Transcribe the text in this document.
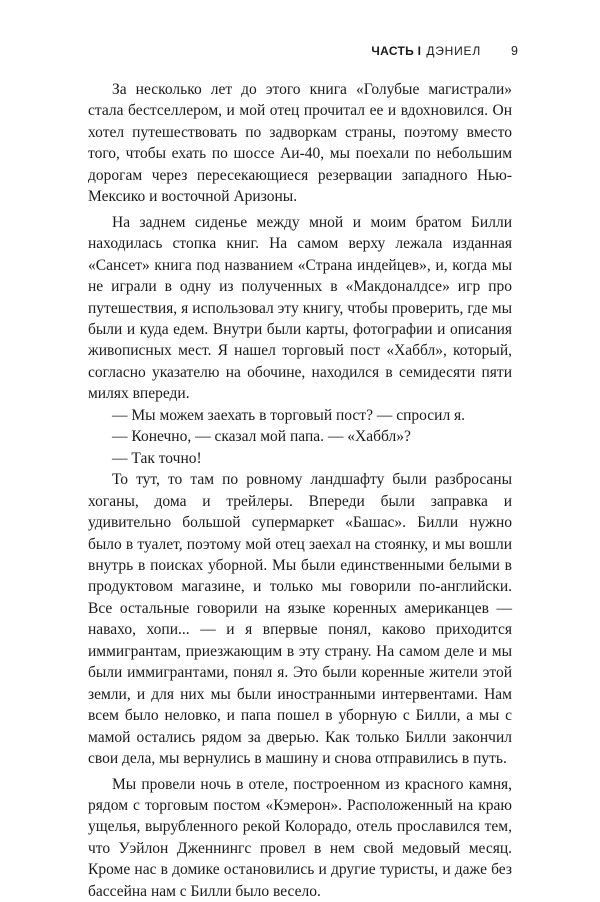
ЧАСТЬ I ДЭНИЕЛ 9

За несколько лет до этого книга «Голубые магистрали» стала бестселлером, и мой отец прочитал ее и вдохновился. Он хотел путешествовать по задворкам страны, поэтому вместо того, чтобы ехать по шоссе Аи-40, мы поехали по небольшим дорогам через пересекающиеся резервации западного Нью-Мексико и восточной Аризоны.

На заднем сиденье между мной и моим братом Билли находилась стопка книг. На самом верху лежала изданная «Сансет» книга под названием «Страна индейцев», и, когда мы не играли в одну из полученных в «Макдоналдсе» игр про путешествия, я использовал эту книгу, чтобы проверить, где мы были и куда едем. Внутри были карты, фотографии и описания живописных мест. Я нашел торговый пост «Хаббл», который, согласно указателю на обочине, находился в семидесяти пяти милях впереди.

— Мы можем заехать в торговый пост? — спросил я.

— Конечно, — сказал мой папа. — «Хаббл»?

— Так точно!

То тут, то там по ровному ландшафту были разбросаны хоганы, дома и трейлеры. Впереди были заправка и удивительно большой супермаркет «Башас». Билли нужно было в туалет, поэтому мой отец заехал на стоянку, и мы вошли внутрь в поисках уборной. Мы были единственными белыми в продуктовом магазине, и только мы говорили по-английски. Все остальные говорили на языке коренных американцев — навахо, хопи... — и я впервые понял, каково приходится иммигрантам, приезжающим в эту страну. На самом деле и мы были иммигрантами, понял я. Это были коренные жители этой земли, и для них мы были иностранными интервентами. Нам всем было неловко, и папа пошел в уборную с Билли, а мы с мамой остались рядом за дверью. Как только Билли закончил свои дела, мы вернулись в машину и снова отправились в путь.

Мы провели ночь в отеле, построенном из красного камня, рядом с торговым постом «Кэмерон». Расположенный на краю ущелья, вырубленного рекой Колорадо, отель прославился тем, что Уэйлон Дженнингс провел в нем свой медовый месяц. Кроме нас в домике остановились и другие туристы, и даже без бассейна нам с Билли было весело.
